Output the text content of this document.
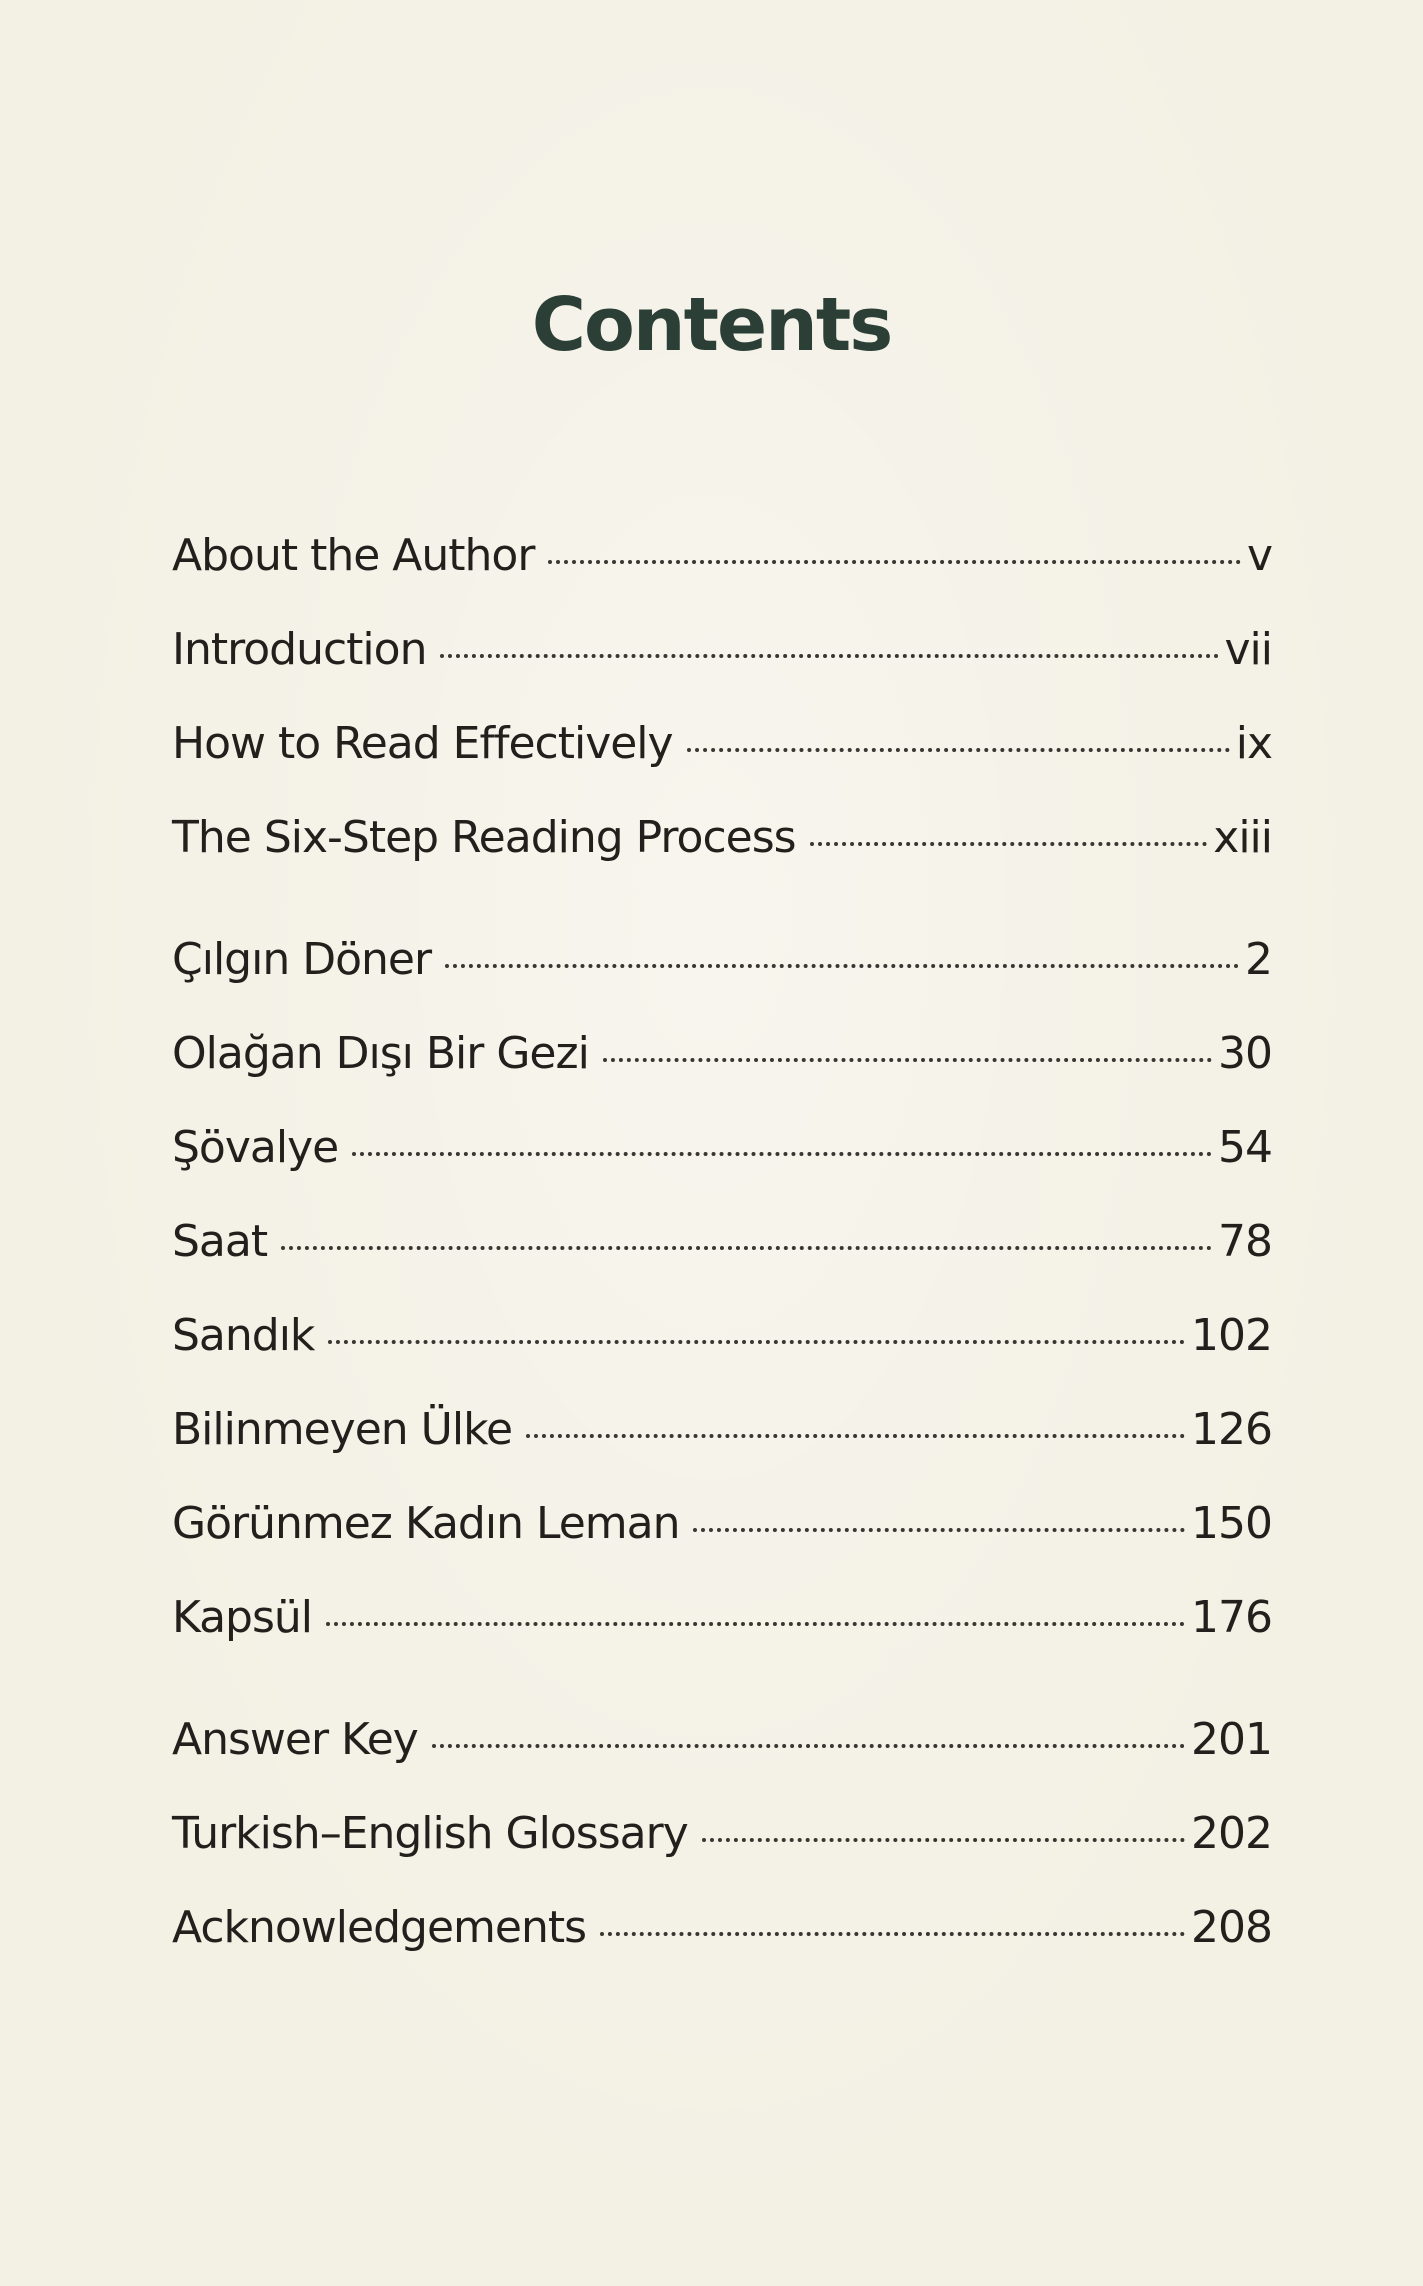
Contents
About the Author	v
Introduction	vii
How to Read Effectively	ix
The Six-Step Reading Process	xiii
Çılgın Döner	2
Olağan Dışı Bir Gezi	30
Şövalye	54
Saat	78
Sandık	102
Bilinmeyen Ülke	126
Görünmez Kadın Leman	150
Kapsül	176
Answer Key	201
Turkish–English Glossary	202
Acknowledgements	208
